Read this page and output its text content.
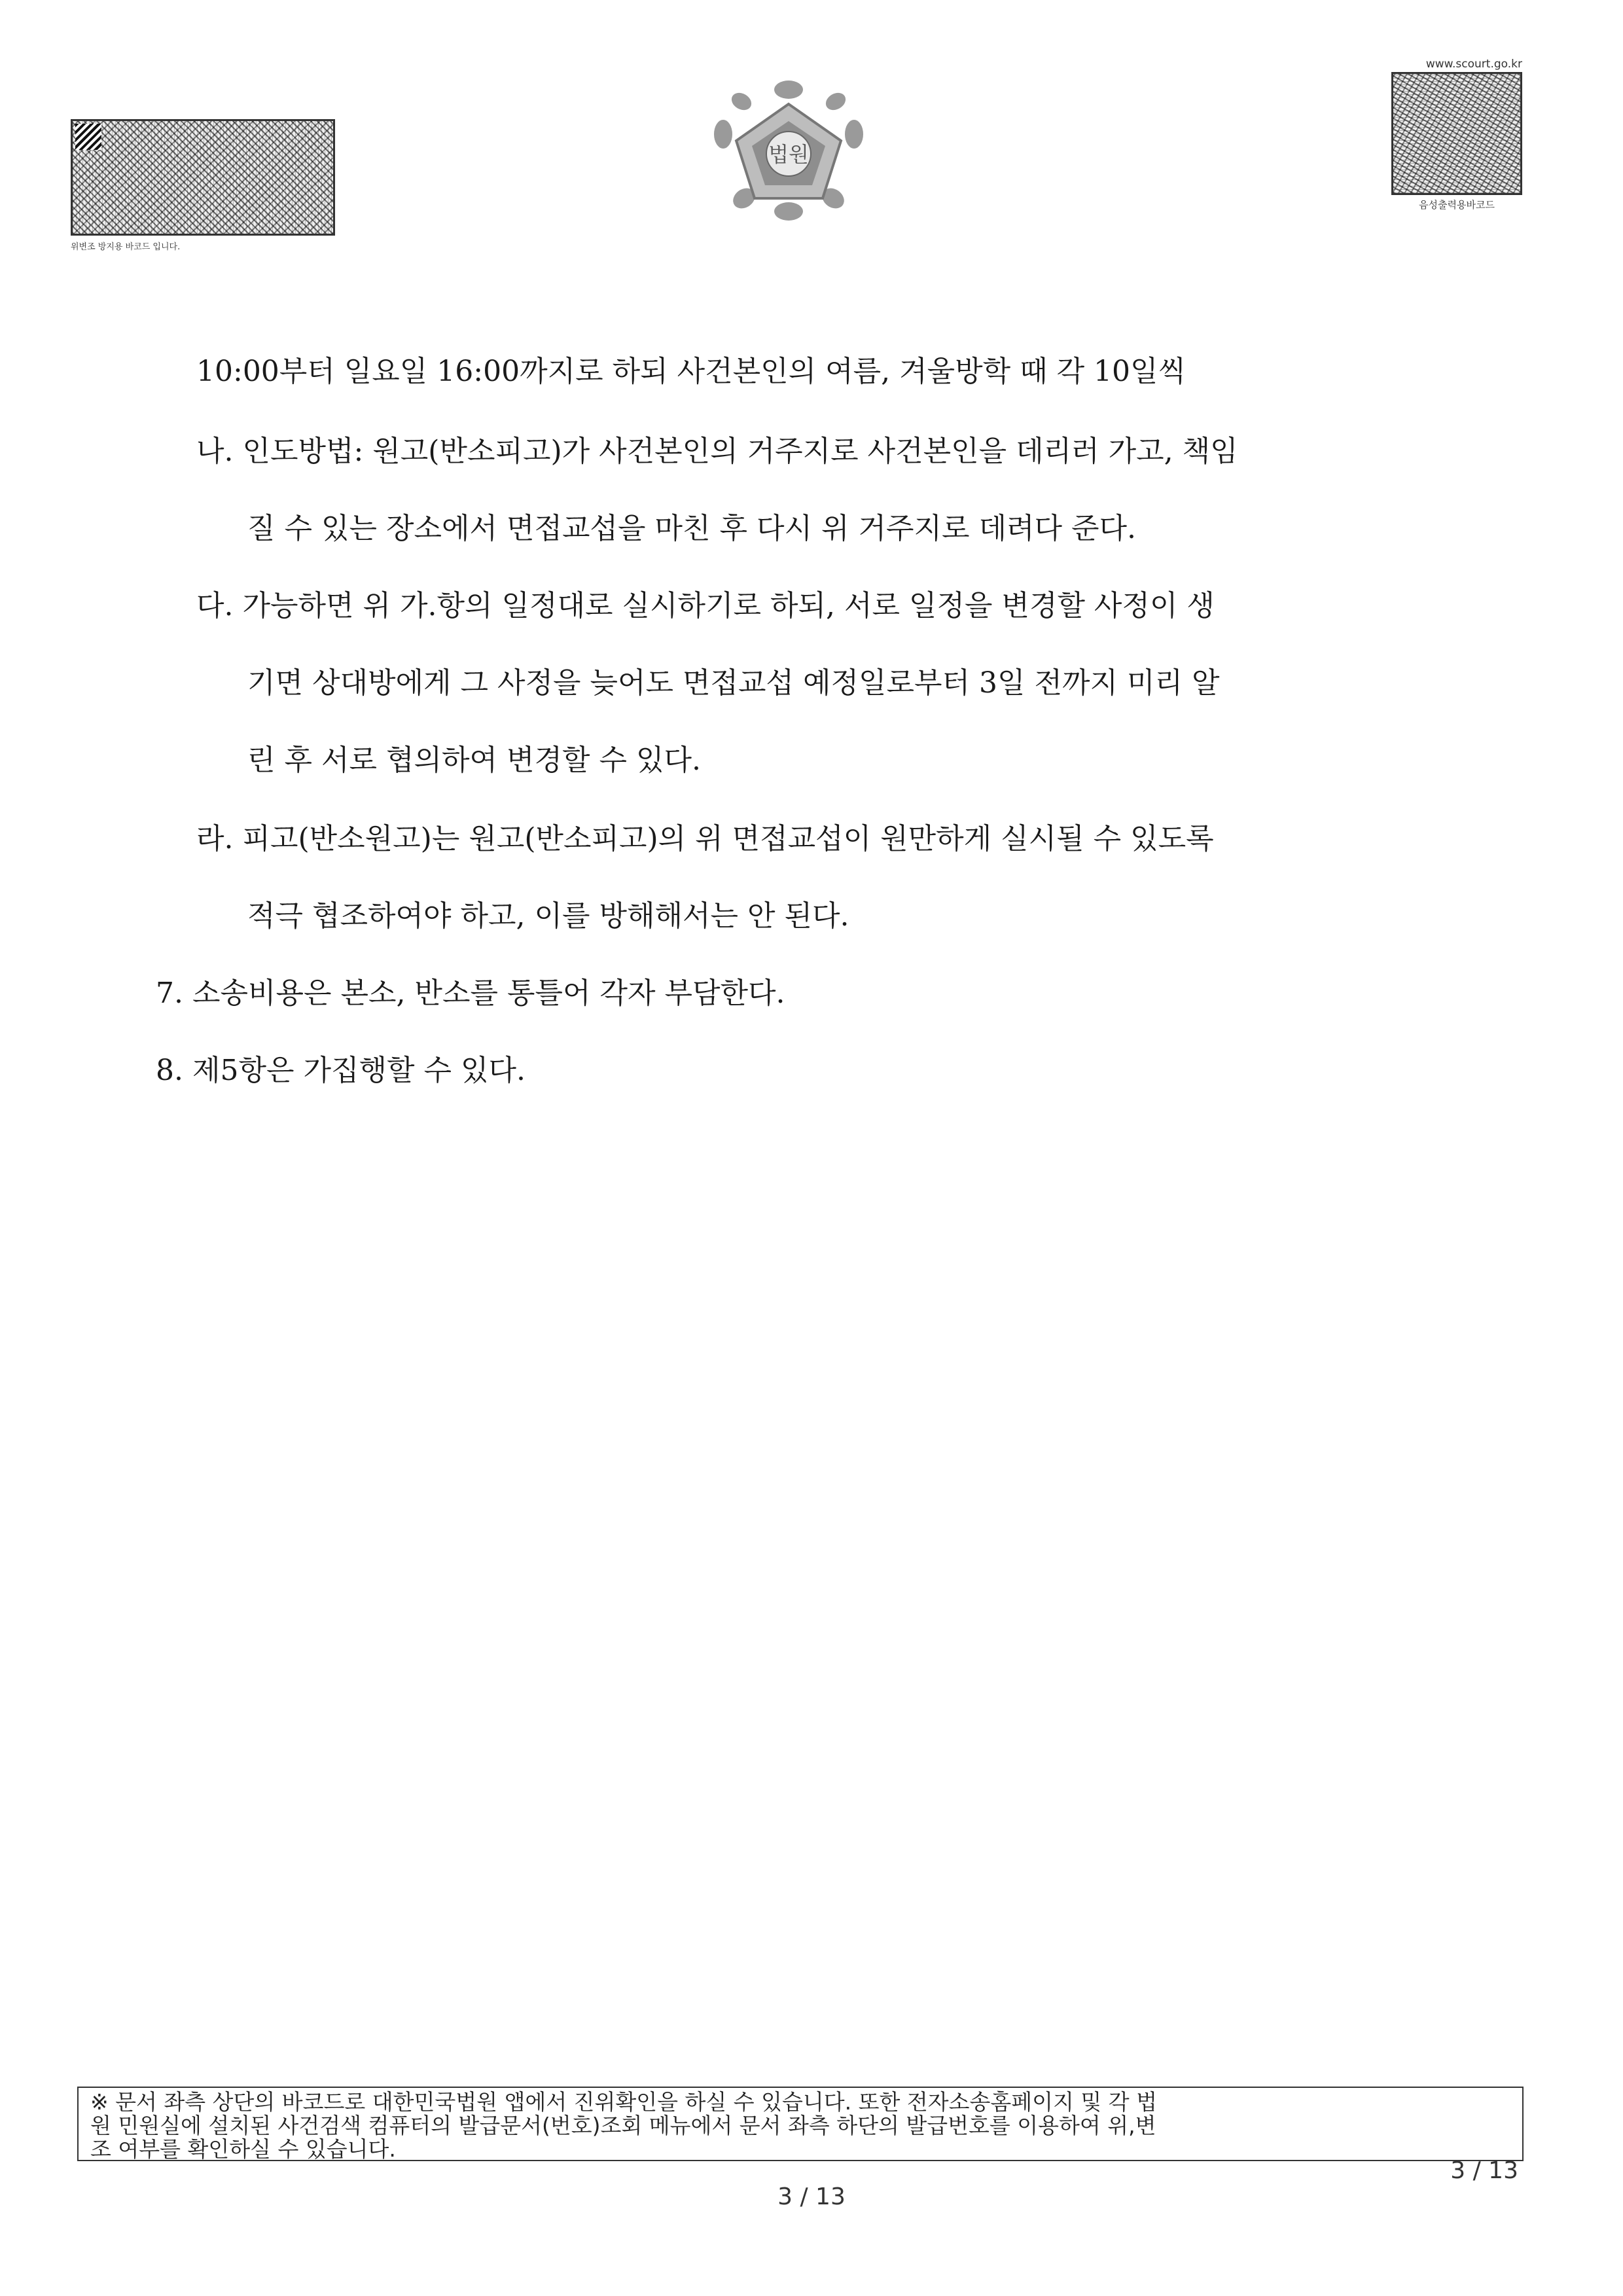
위변조 방지용 바코드 입니다.
법원
www.scourt.go.kr
음성출력용바코드
10:00부터 일요일 16:00까지로 하되 사건본인의 여름, 겨울방학 때 각 10일씩
나. 인도방법: 원고(반소피고)가 사건본인의 거주지로 사건본인을 데리러 가고, 책임
질 수 있는 장소에서 면접교섭을 마친 후 다시 위 거주지로 데려다 준다.
다. 가능하면 위 가.항의 일정대로 실시하기로 하되, 서로 일정을 변경할 사정이 생
기면 상대방에게 그 사정을 늦어도 면접교섭 예정일로부터 3일 전까지 미리 알
린 후 서로 협의하여 변경할 수 있다.
라. 피고(반소원고)는 원고(반소피고)의 위 면접교섭이 원만하게 실시될 수 있도록
적극 협조하여야 하고, 이를 방해해서는 안 된다.
7. 소송비용은 본소, 반소를 통틀어 각자 부담한다.
8. 제5항은 가집행할 수 있다.
※ 문서 좌측 상단의 바코드로 대한민국법원 앱에서 진위확인을 하실 수 있습니다. 또한 전자소송홈페이지 및 각 법
원 민원실에 설치된 사건검색 컴퓨터의 발급문서(번호)조회 메뉴에서 문서 좌측 하단의 발급번호를 이용하여 위,변
조 여부를 확인하실 수 있습니다.
3 / 13
3 / 13
